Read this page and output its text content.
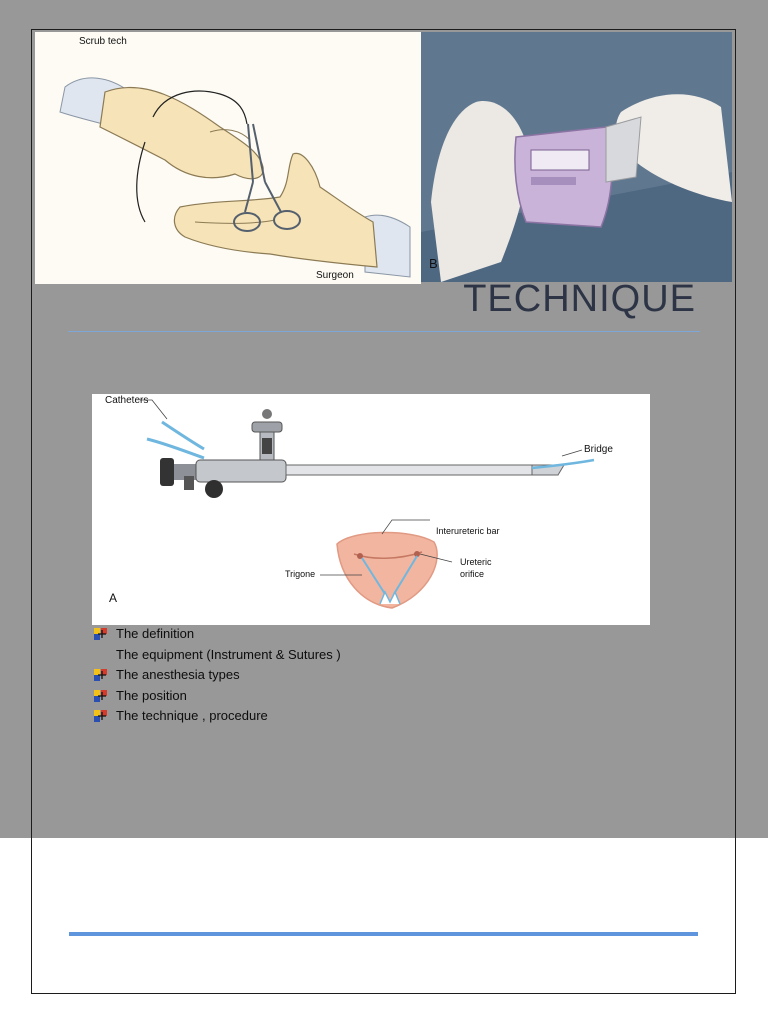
Scrub tech
Surgeon
B
TECHNIQUE
Catheters
Bridge
Interureteric bar
Ureteric
orifice
Trigone
A
The definition
The equipment (Instrument & Sutures )
The anesthesia types
The position
The technique , procedure
